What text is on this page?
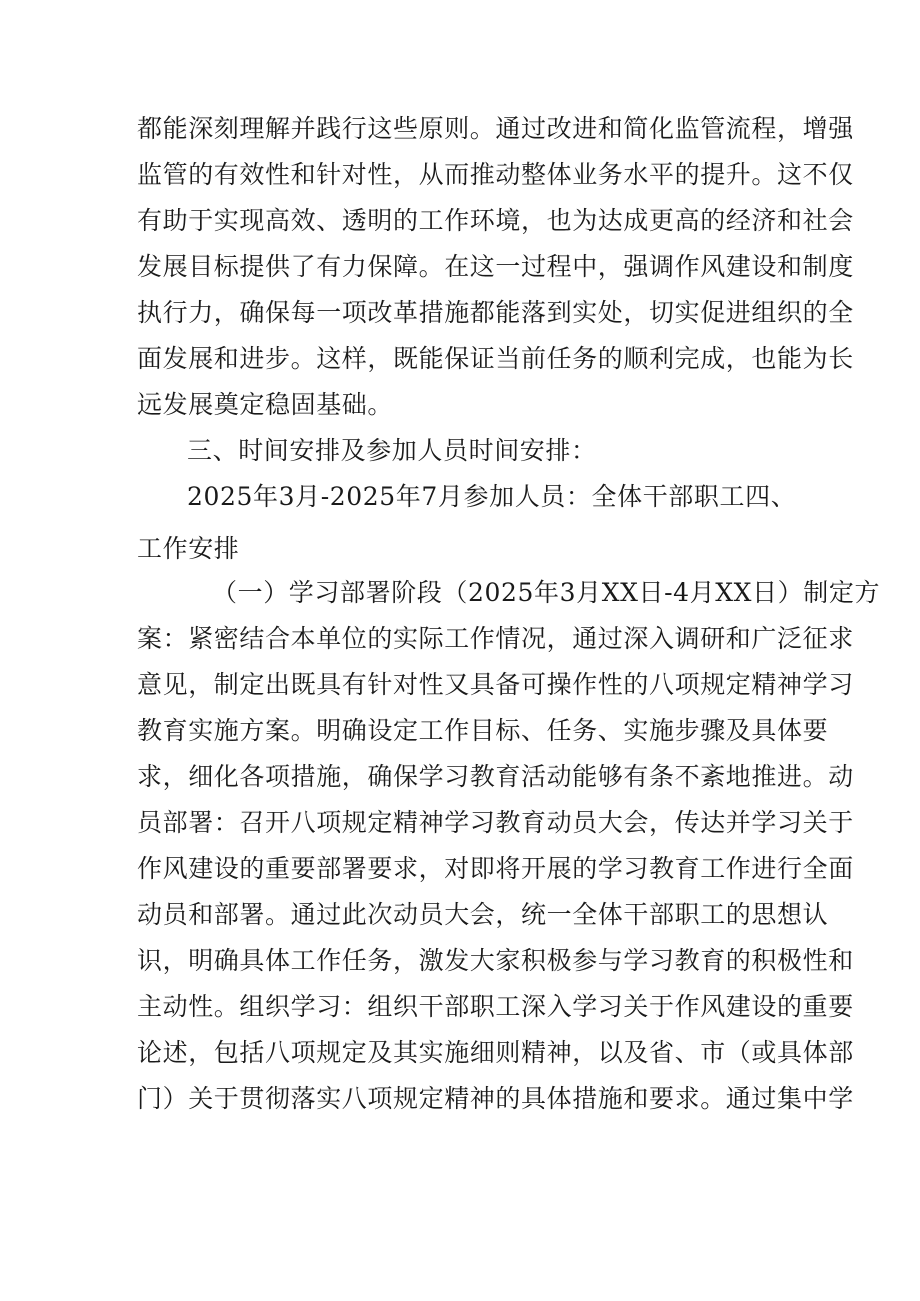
都能深刻理解并践行这些原则。通过改进和简化监管流程，增强
监管的有效性和针对性，从而推动整体业务水平的提升。这不仅
有助于实现高效、透明的工作环境，也为达成更高的经济和社会
发展目标提供了有力保障。在这一过程中，强调作风建设和制度
执行力，确保每一项改革措施都能落到实处，切实促进组织的全
面发展和进步。这样，既能保证当前任务的顺利完成，也能为长
远发展奠定稳固基础。
三、时间安排及参加人员时间安排：
2025年3月-2025年7月参加人员：全体干部职工四、
工作安排
（一）学习部署阶段（2025年3月XX日-4月XX日）制定方
案：紧密结合本单位的实际工作情况，通过深入调研和广泛征求
意见，制定出既具有针对性又具备可操作性的八项规定精神学习
教育实施方案。明确设定工作目标、任务、实施步骤及具体要
求，细化各项措施，确保学习教育活动能够有条不紊地推进。动
员部署：召开八项规定精神学习教育动员大会，传达并学习关于
作风建设的重要部署要求，对即将开展的学习教育工作进行全面
动员和部署。通过此次动员大会，统一全体干部职工的思想认
识，明确具体工作任务，激发大家积极参与学习教育的积极性和
主动性。组织学习：组织干部职工深入学习关于作风建设的重要
论述，包括八项规定及其实施细则精神，以及省、市（或具体部
门）关于贯彻落实八项规定精神的具体措施和要求。通过集中学
